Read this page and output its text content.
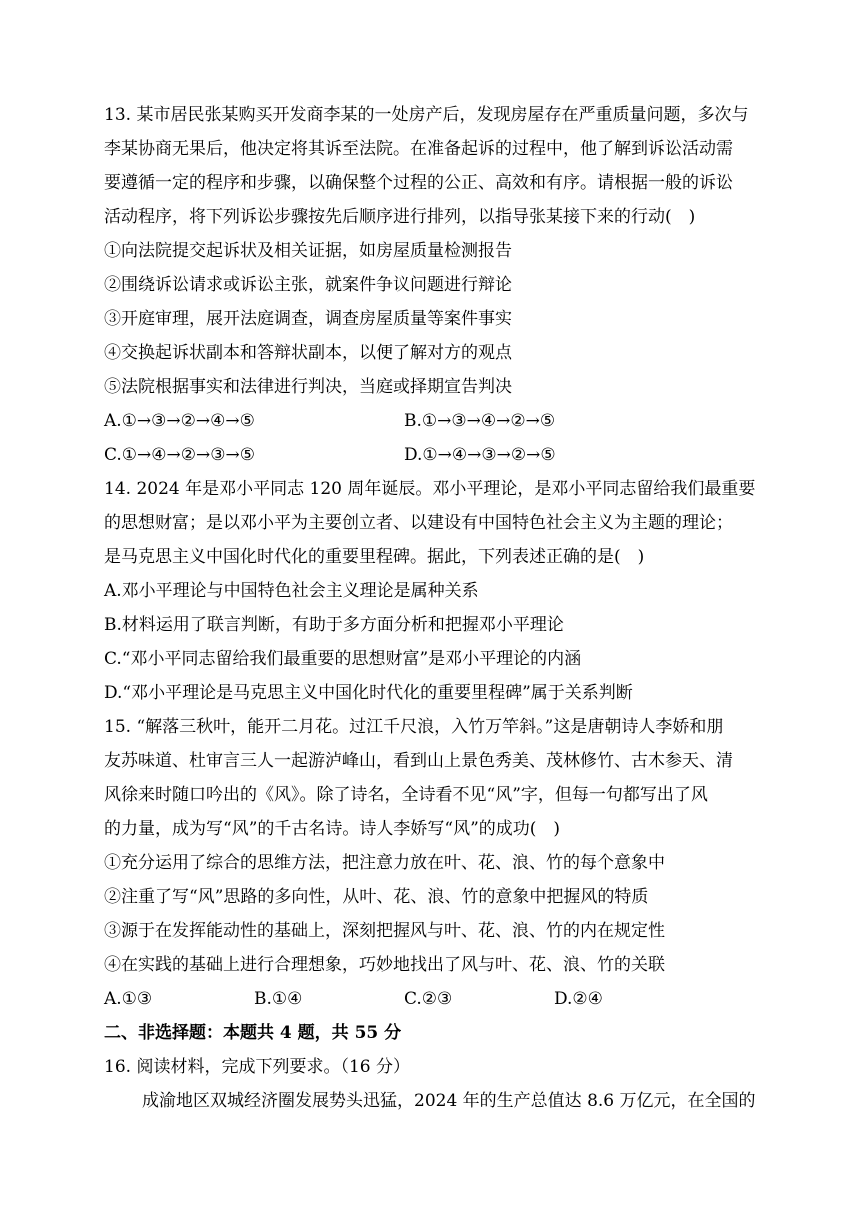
13. 某市居民张某购买开发商李某的一处房产后，发现房屋存在严重质量问题，多次与
李某协商无果后，他决定将其诉至法院。在准备起诉的过程中，他了解到诉讼活动需
要遵循一定的程序和步骤，以确保整个过程的公正、高效和有序。请根据一般的诉讼
活动程序，将下列诉讼步骤按先后顺序进行排列，以指导张某接下来的行动(　)
①向法院提交起诉状及相关证据，如房屋质量检测报告
②围绕诉讼请求或诉讼主张，就案件争议问题进行辩论
③开庭审理，展开法庭调查，调查房屋质量等案件事实
④交换起诉状副本和答辩状副本，以便了解对方的观点
⑤法院根据事实和法律进行判决，当庭或择期宣告判决
A.①→③→②→④→⑤	B.①→③→④→②→⑤
C.①→④→②→③→⑤	D.①→④→③→②→⑤
14. 2024 年是邓小平同志 120 周年诞辰。邓小平理论，是邓小平同志留给我们最重要
的思想财富；是以邓小平为主要创立者、以建设有中国特色社会主义为主题的理论；
是马克思主义中国化时代化的重要里程碑。据此，下列表述正确的是(　)
A.邓小平理论与中国特色社会主义理论是属种关系
B.材料运用了联言判断，有助于多方面分析和把握邓小平理论
C.“邓小平同志留给我们最重要的思想财富”是邓小平理论的内涵
D.“邓小平理论是马克思主义中国化时代化的重要里程碑”属于关系判断
15. “解落三秋叶，能开二月花。过江千尺浪，入竹万竿斜。”这是唐朝诗人李娇和朋
友苏味道、杜审言三人一起游泸峰山，看到山上景色秀美、茂林修竹、古木参天、清
风徐来时随口吟出的《风》。除了诗名，全诗看不见“风”字，但每一句都写出了风
的力量，成为写“风”的千古名诗。诗人李娇写“风”的成功(　)
①充分运用了综合的思维方法，把注意力放在叶、花、浪、竹的每个意象中
②注重了写“风”思路的多向性，从叶、花、浪、竹的意象中把握风的特质
③源于在发挥能动性的基础上，深刻把握风与叶、花、浪、竹的内在规定性
④在实践的基础上进行合理想象，巧妙地找出了风与叶、花、浪、竹的关联
A.①③	B.①④	C.②③	D.②④
二、非选择题：本题共 4 题，共 55 分
16. 阅读材料，完成下列要求。（16 分）
成渝地区双城经济圈发展势头迅猛，2024 年的生产总值达 8.6 万亿元，在全国的
